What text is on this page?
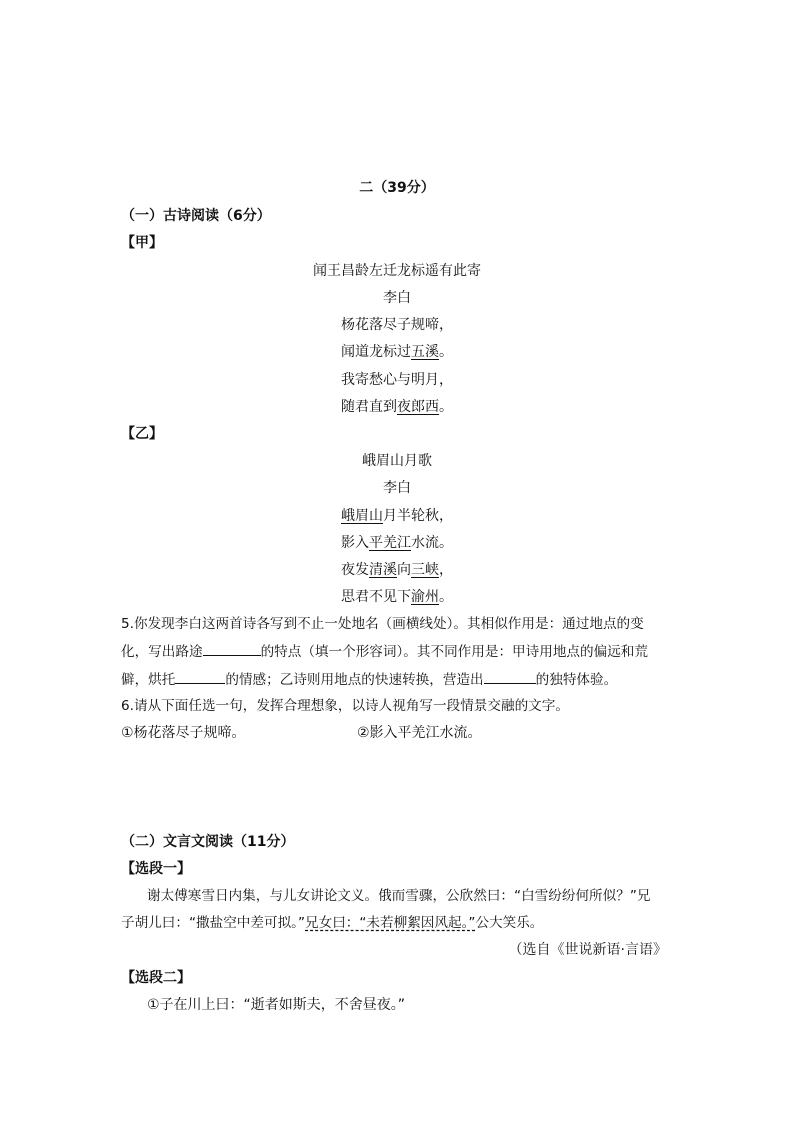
二（39分）
（一）古诗阅读（6分）
【甲】
闻王昌龄左迁龙标遥有此寄
李白
杨花落尽子规啼，
闻道龙标过五溪。
我寄愁心与明月，
随君直到夜郎西。
【乙】
峨眉山月歌
李白
峨眉山月半轮秋，
影入平羌江水流。
夜发清溪向三峡，
思君不见下渝州。
5.你发现李白这两首诗各写到不止一处地名（画横线处）。其相似作用是：通过地点的变
化，写出路途	的特点（填一个形容词）。其不同作用是：甲诗用地点的偏远和荒
僻，烘托	的情感；乙诗则用地点的快速转换，营造出	的独特体验。
6.请从下面任选一句，发挥合理想象，以诗人视角写一段情景交融的文字。
①杨花落尽子规啼。	②影入平羌江水流。
（二）文言文阅读（11分）
【选段一】
谢太傅寒雪日内集，与儿女讲论文义。俄而雪骤，公欣然曰：“白雪纷纷何所似？”兄
子胡儿曰：“撒盐空中差可拟。”兄女曰：“未若柳絮因风起。”公大笑乐。
（选自《世说新语·言语》
【选段二】
①子在川上曰：“逝者如斯夫，不舍昼夜。”
